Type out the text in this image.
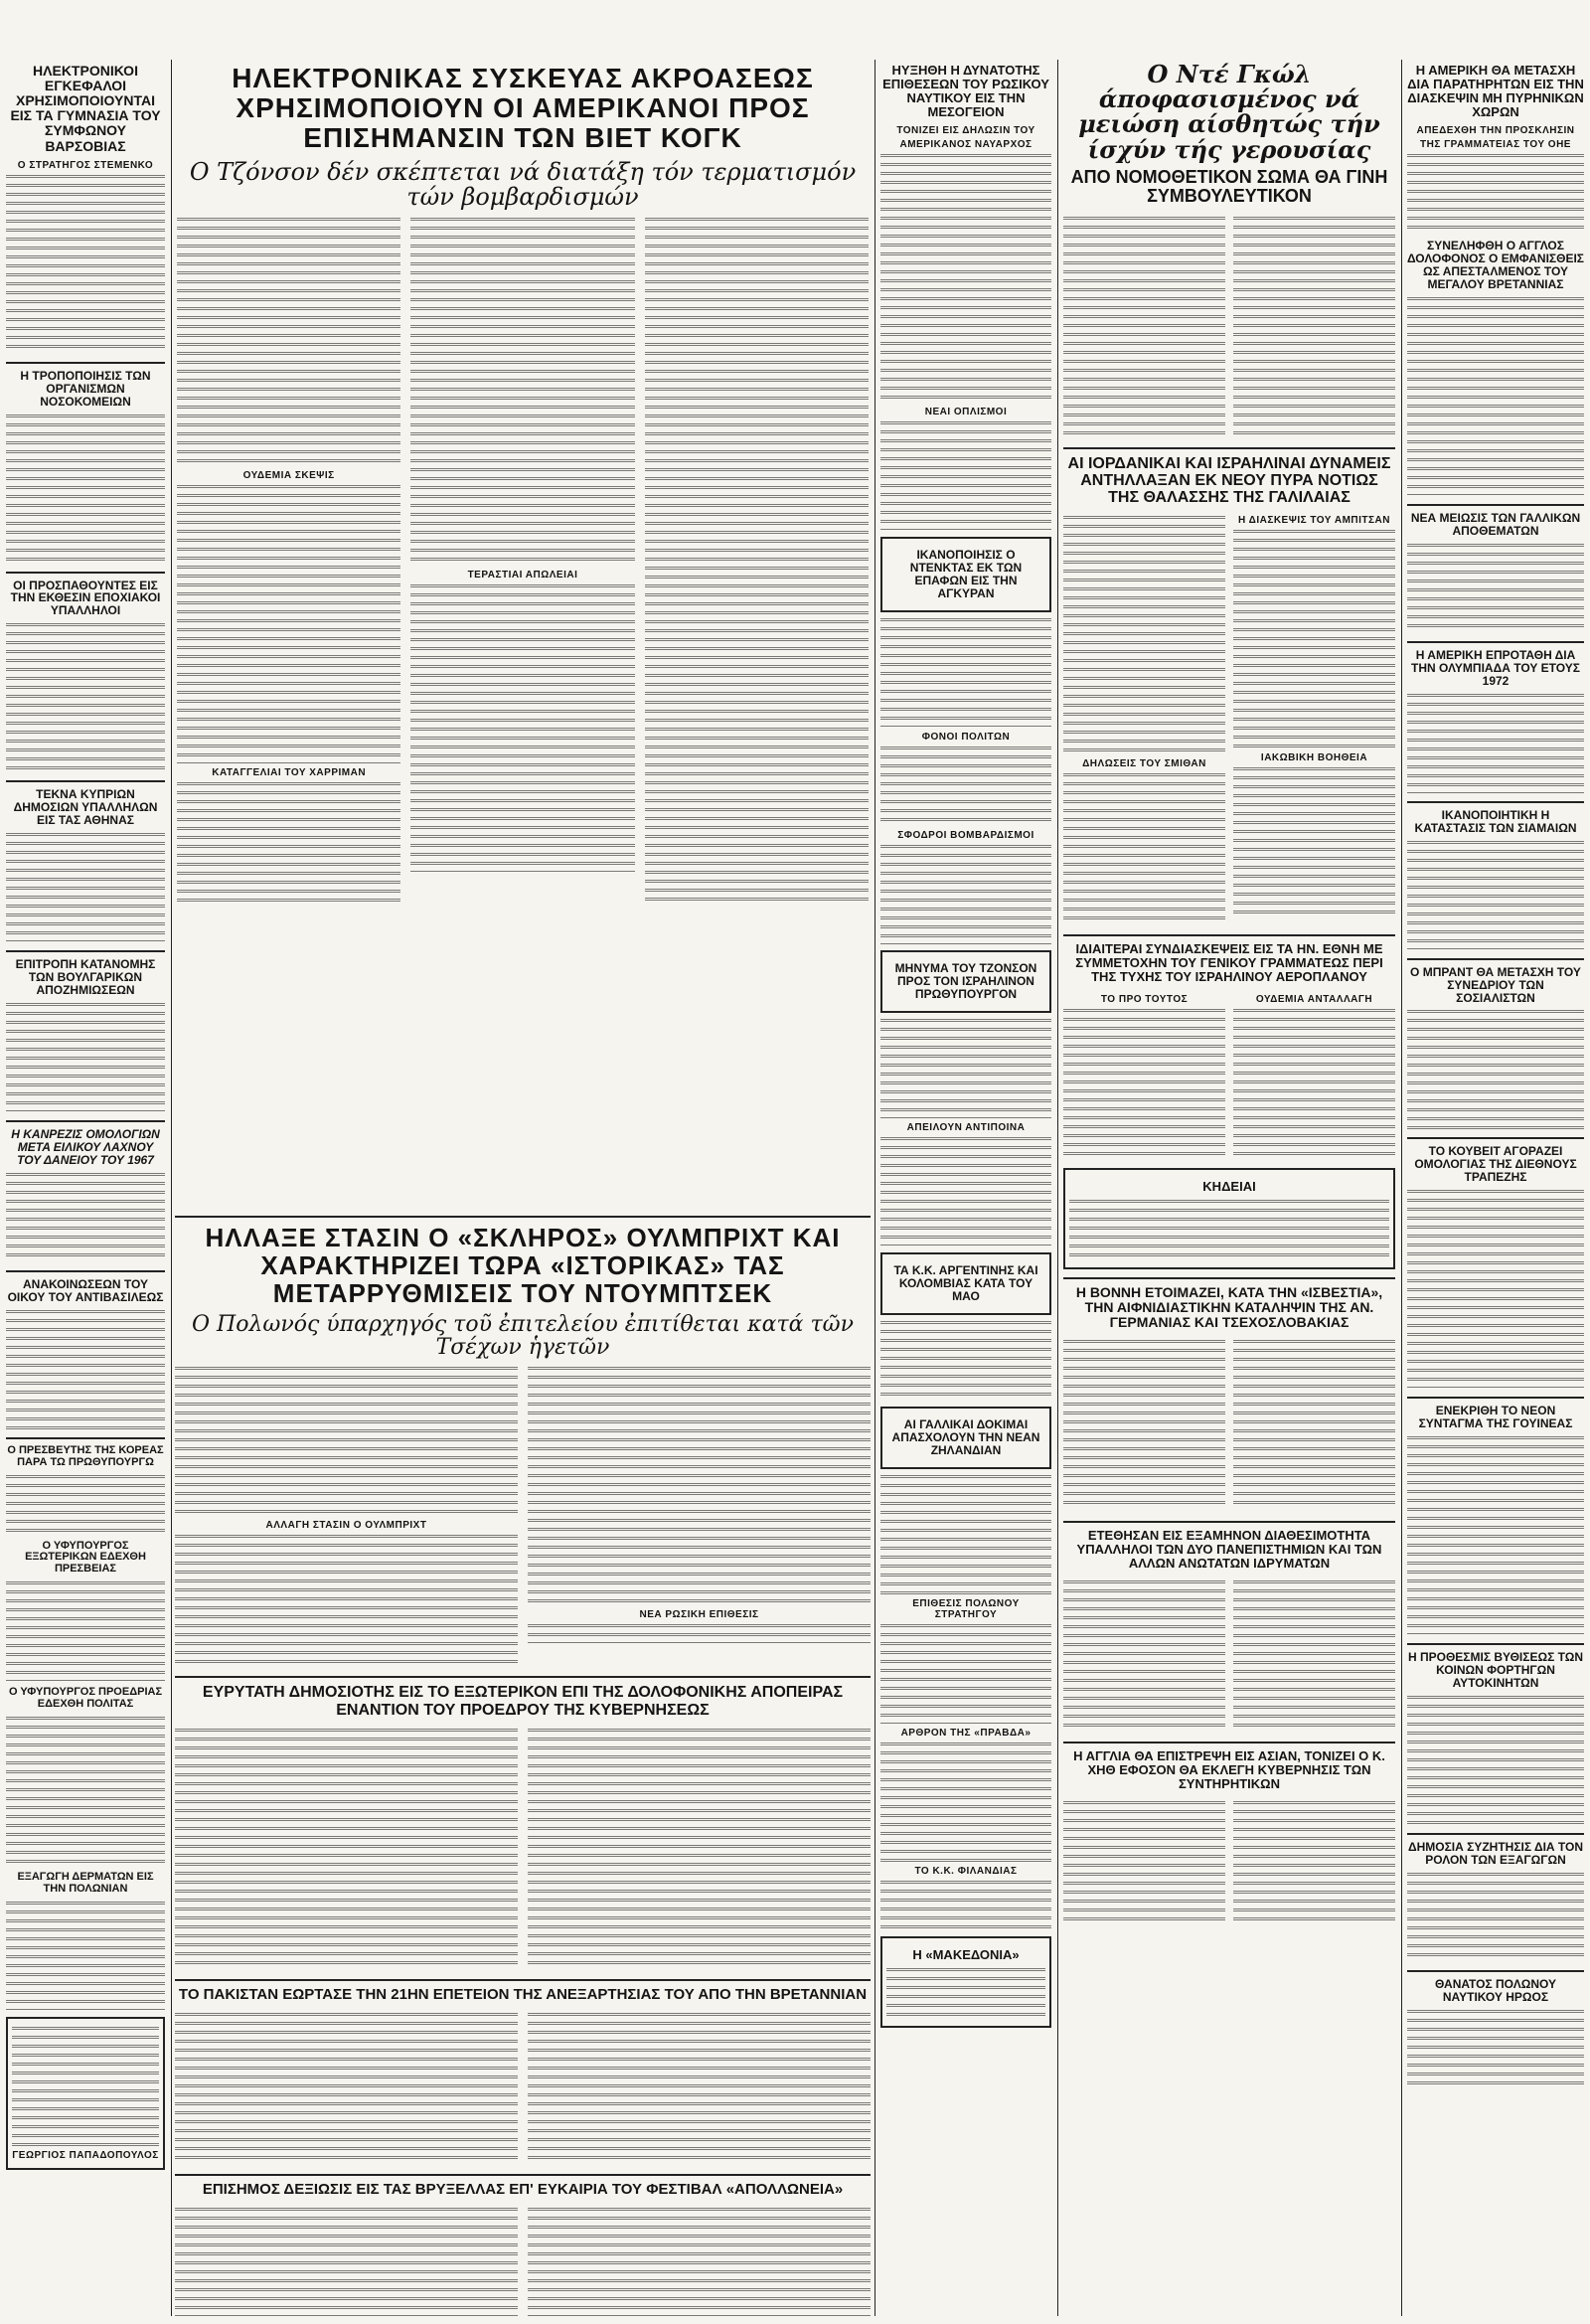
ΗΛΕΚΤΡΟΝΙΚΟΙ ΕΓΚΕΦΑΛΟΙ ΧΡΗΣΙΜΟΠΟΙΟΥΝΤΑΙ ΕΙΣ ΤΑ ΓΥΜΝΑΣΙΑ ΤΟΥ ΣΥΜΦΩΝΟΥ ΒΑΡΣΟΒΙΑΣ
Ο ΣΤΡΑΤΗΓΟΣ ΣΤΕΜΕΝΚΟ
Η ΤΡΟΠΟΠΟΙΗΣΙΣ ΤΩΝ ΟΡΓΑΝΙΣΜΩΝ ΝΟΣΟΚΟΜΕΙΩΝ
ΟΙ ΠΡΟΣΠΑΘΟΥΝΤΕΣ ΕΙΣ ΤΗΝ ΕΚΘΕΣΙΝ ΕΠΟΧΙΑΚΟΙ ΥΠΑΛΛΗΛΟΙ
ΤΕΚΝΑ ΚΥΠΡΙΩΝ ΔΗΜΟΣΙΩΝ ΥΠΑΛΛΗΛΩΝ ΕΙΣ ΤΑΣ ΑΘΗΝΑΣ
ΕΠΙΤΡΟΠΗ ΚΑΤΑΝΟΜΗΣ ΤΩΝ ΒΟΥΛΓΑΡΙΚΩΝ ΑΠΟΖΗΜΙΩΣΕΩΝ
Η ΚΑΝΡΕΖΙΣ ΟΜΟΛΟΓΙΩΝ ΜΕΤΑ ΕΙΛΙΚΟΥ ΛΑΧΝΟΥ ΤΟΥ ΔΑΝΕΙΟΥ ΤΟΥ 1967
ΑΝΑΚΟΙΝΩΣΕΩΝ ΤΟΥ ΟΙΚΟΥ ΤΟΥ ΑΝΤΙΒΑΣΙΛΕΩΣ
Ο ΠΡΕΣΒΕΥΤΗΣ ΤΗΣ ΚΟΡΕΑΣ ΠΑΡΑ ΤΩ ΠΡΩΘΥΠΟΥΡΓΩ
Ο ΥΦΥΠΟΥΡΓΟΣ ΕΞΩΤΕΡΙΚΩΝ ΕΔΕΧΘΗ ΠΡΕΣΒΕΙΑΣ
Ο ΥΦΥΠΟΥΡΓΟΣ ΠΡΟΕΔΡΙΑΣ ΕΔΕΧΘΗ ΠΟΛΙΤΑΣ
ΕΞΑΓΩΓΗ ΔΕΡΜΑΤΩΝ ΕΙΣ ΤΗΝ ΠΟΛΩΝΙΑΝ
ΓΕΩΡΓΙΟΣ ΠΑΠΑΔΟΠΟΥΛΟΣ
ΗΛΕΚΤΡΟΝΙΚΑΣ ΣΥΣΚΕΥΑΣ ΑΚΡΟΑΣΕΩΣ ΧΡΗΣΙΜΟΠΟΙΟΥΝ ΟΙ ΑΜΕΡΙΚΑΝΟΙ ΠΡΟΣ ΕΠΙΣΗΜΑΝΣΙΝ ΤΩΝ ΒΙΕΤ ΚΟΓΚ
Ο Τζόνσον δέν σκέπτεται νά διατάξη τόν τερματισμόν τών βομβαρδισμών
ΟΥΔΕΜΙΑ ΣΚΕΨΙΣ
ΚΑΤΑΓΓΕΛΙΑΙ ΤΟΥ ΧΑΡΡΙΜΑΝ
ΤΕΡΑΣΤΙΑΙ ΑΠΩΛΕΙΑΙ
ΗΛΛΑΞΕ ΣΤΑΣΙΝ Ο «ΣΚΛΗΡΟΣ» ΟΥΛΜΠΡΙΧΤ ΚΑΙ ΧΑΡΑΚΤΗΡΙΖΕΙ ΤΩΡΑ «ΙΣΤΟΡΙΚΑΣ» ΤΑΣ ΜΕΤΑΡΡΥΘΜΙΣΕΙΣ ΤΟΥ ΝΤΟΥΜΠΤΣΕΚ
Ο Πολωνός ύπαρχηγός τοῦ ἐπιτελείου ἐπιτίθεται κατά τῶν Τσέχων ἡγετῶν
ΑΛΛΑΓΗ ΣΤΑΣΙΝ Ο ΟΥΛΜΠΡΙΧΤ
ΝΕΑ ΡΩΣΙΚΗ ΕΠΙΘΕΣΙΣ
ΕΥΡΥΤΑΤΗ ΔΗΜΟΣΙΟΤΗΣ ΕΙΣ ΤΟ ΕΞΩΤΕΡΙΚΟΝ ΕΠΙ ΤΗΣ ΔΟΛΟΦΟΝΙΚΗΣ ΑΠΟΠΕΙΡΑΣ ΕΝΑΝΤΙΟΝ ΤΟΥ ΠΡΟΕΔΡΟΥ ΤΗΣ ΚΥΒΕΡΝΗΣΕΩΣ
ΤΟ ΠΑΚΙΣΤΑΝ ΕΩΡΤΑΣΕ ΤΗΝ 21ΗΝ ΕΠΕΤΕΙΟΝ ΤΗΣ ΑΝΕΞΑΡΤΗΣΙΑΣ ΤΟΥ ΑΠΟ ΤΗΝ ΒΡΕΤΑΝΝΙΑΝ
ΕΠΙΣΗΜΟΣ ΔΕΞΙΩΣΙΣ ΕΙΣ ΤΑΣ ΒΡΥΞΕΛΛΑΣ ΕΠ' ΕΥΚΑΙΡΙΑ ΤΟΥ ΦΕΣΤΙΒΑΛ «ΑΠΟΛΛΩΝΕΙΑ»
ΗΥΞΗΘΗ Η ΔΥΝΑΤΟΤΗΣ ΕΠΙΘΕΣΕΩΝ ΤΟΥ ΡΩΣΙΚΟΥ ΝΑΥΤΙΚΟΥ ΕΙΣ ΤΗΝ ΜΕΣΟΓΕΙΟΝ
ΤΟΝΙΖΕΙ ΕΙΣ ΔΗΛΩΣΙΝ ΤΟΥ
ΑΜΕΡΙΚΑΝΟΣ ΝΑΥΑΡΧΟΣ
ΝΕΑΙ ΟΠΛΙΣΜΟΙ
ΙΚΑΝΟΠΟΙΗΣΙΣ Ο ΝΤΕΝΚΤΑΣ ΕΚ ΤΩΝ ΕΠΑΦΩΝ ΕΙΣ ΤΗΝ ΑΓΚΥΡΑΝ
ΦΟΝΟΙ ΠΟΛΙΤΩΝ
ΣΦΟΔΡΟΙ ΒΟΜΒΑΡΔΙΣΜΟΙ
ΜΗΝΥΜΑ ΤΟΥ ΤΖΟΝΣΟΝ ΠΡΟΣ ΤΟΝ ΙΣΡΑΗΛΙΝΟΝ ΠΡΩΘΥΠΟΥΡΓΟΝ
ΑΠΕΙΛΟΥΝ ΑΝΤΙΠΟΙΝΑ
ΤΑ Κ.Κ. ΑΡΓΕΝΤΙΝΗΣ ΚΑΙ ΚΟΛΟΜΒΙΑΣ ΚΑΤΑ ΤΟΥ ΜΑΟ
ΑΙ ΓΑΛΛΙΚΑΙ ΔΟΚΙΜΑΙ ΑΠΑΣΧΟΛΟΥΝ ΤΗΝ ΝΕΑΝ ΖΗΛΑΝΔΙΑΝ
ΕΠΙΘΕΣΙΣ ΠΟΛΩΝΟΥ ΣΤΡΑΤΗΓΟΥ
ΑΡΘΡΟΝ ΤΗΣ «ΠΡΑΒΔΑ»
ΤΟ Κ.Κ. ΦΙΛΑΝΔΙΑΣ
Η «ΜΑΚΕΔΟΝΙΑ»
Ο Ντέ Γκώλ άποφασισμένος νά μειώση αίσθητώς τήν ίσχύν τής γερουσίας
ΑΠΟ ΝΟΜΟΘΕΤΙΚΟΝ ΣΩΜΑ ΘΑ ΓΙΝΗ ΣΥΜΒΟΥΛΕΥΤΙΚΟΝ
ΑΙ ΙΟΡΔΑΝΙΚΑΙ ΚΑΙ ΙΣΡΑΗΛΙΝΑΙ ΔΥΝΑΜΕΙΣ ΑΝΤΗΛΛΑΞΑΝ ΕΚ ΝΕΟΥ ΠΥΡΑ ΝΟΤΙΩΣ ΤΗΣ ΘΑΛΑΣΣΗΣ ΤΗΣ ΓΑΛΙΛΑΙΑΣ
ΔΗΛΩΣΕΙΣ ΤΟΥ ΣΜΙΘΑΝ
Η ΔΙΑΣΚΕΨΙΣ ΤΟΥ ΑΜΠΙΤΣΑΝ
ΙΑΚΩΒΙΚΗ ΒΟΗΘΕΙΑ
ΙΔΙΑΙΤΕΡΑΙ ΣΥΝΔΙΑΣΚΕΨΕΙΣ ΕΙΣ ΤΑ ΗΝ. ΕΘΝΗ ΜΕ ΣΥΜΜΕΤΟΧΗΝ ΤΟΥ ΓΕΝΙΚΟΥ ΓΡΑΜΜΑΤΕΩΣ ΠΕΡΙ ΤΗΣ ΤΥΧΗΣ ΤΟΥ ΙΣΡΑΗΛΙΝΟΥ ΑΕΡΟΠΛΑΝΟΥ
ΤΟ ΠΡΟ ΤΟΥΤΟΣ	ΟΥΔΕΜΙΑ ΑΝΤΑΛΛΑΓΗ
ΚΗΔΕΙΑΙ
Η ΒΟΝΝΗ ΕΤΟΙΜΑΖΕΙ, ΚΑΤΑ ΤΗΝ «ΙΣΒΕΣΤΙΑ», ΤΗΝ ΑΙΦΝΙΔΙΑΣΤΙΚΗΝ ΚΑΤΑΛΗΨΙΝ ΤΗΣ ΑΝ. ΓΕΡΜΑΝΙΑΣ ΚΑΙ ΤΣΕΧΟΣΛΟΒΑΚΙΑΣ
ΕΤΕΘΗΣΑΝ ΕΙΣ ΕΞΑΜΗΝΟΝ ΔΙΑΘΕΣΙΜΟΤΗΤΑ ΥΠΑΛΛΗΛΟΙ ΤΩΝ ΔΥΟ ΠΑΝΕΠΙΣΤΗΜΙΩΝ ΚΑΙ ΤΩΝ ΑΛΛΩΝ ΑΝΩΤΑΤΩΝ ΙΔΡΥΜΑΤΩΝ
Η ΑΓΓΛΙΑ ΘΑ ΕΠΙΣΤΡΕΨΗ ΕΙΣ ΑΣΙΑΝ, ΤΟΝΙΖΕΙ Ο Κ. ΧΗΘ ΕΦΟΣΟΝ ΘΑ ΕΚΛΕΓΗ ΚΥΒΕΡΝΗΣΙΣ ΤΩΝ ΣΥΝΤΗΡΗΤΙΚΩΝ
Η ΑΜΕΡΙΚΗ ΘΑ ΜΕΤΑΣΧΗ ΔΙΑ ΠΑΡΑΤΗΡΗΤΩΝ ΕΙΣ ΤΗΝ ΔΙΑΣΚΕΨΙΝ ΜΗ ΠΥΡΗΝΙΚΩΝ ΧΩΡΩΝ
ΑΠΕΔΕΧΘΗ ΤΗΝ ΠΡΟΣΚΛΗΣΙΝ
ΤΗΣ ΓΡΑΜΜΑΤΕΙΑΣ ΤΟΥ ΟΗΕ
ΣΥΝΕΛΗΦΘΗ Ο ΑΓΓΛΟΣ ΔΟΛΟΦΟΝΟΣ Ο ΕΜΦΑΝΙΣΘΕΙΣ ΩΣ ΑΠΕΣΤΑΛΜΕΝΟΣ ΤΟΥ ΜΕΓΑΛΟΥ ΒΡΕΤΑΝΝΙΑΣ
ΝΕΑ ΜΕΙΩΣΙΣ ΤΩΝ ΓΑΛΛΙΚΩΝ ΑΠΟΘΕΜΑΤΩΝ
Η ΑΜΕΡΙΚΗ ΕΠΡΟΤΑΘΗ ΔΙΑ ΤΗΝ ΟΛΥΜΠΙΑΔΑ ΤΟΥ ΕΤΟΥΣ 1972
ΙΚΑΝΟΠΟΙΗΤΙΚΗ Η ΚΑΤΑΣΤΑΣΙΣ ΤΩΝ ΣΙΑΜΑΙΩΝ
Ο ΜΠΡΑΝΤ ΘΑ ΜΕΤΑΣΧΗ ΤΟΥ ΣΥΝΕΔΡΙΟΥ ΤΩΝ ΣΟΣΙΑΛΙΣΤΩΝ
ΤΟ ΚΟΥΒΕΙΤ ΑΓΟΡΑΖΕΙ ΟΜΟΛΟΓΙΑΣ ΤΗΣ ΔΙΕΘΝΟΥΣ ΤΡΑΠΕΖΗΣ
ΕΝΕΚΡΙΘΗ ΤΟ ΝΕΟΝ ΣΥΝΤΑΓΜΑ ΤΗΣ ΓΟΥΙΝΕΑΣ
Η ΠΡΟΘΕΣΜΙΣ ΒΥΘΙΣΕΩΣ ΤΩΝ ΚΟΙΝΩΝ ΦΟΡΤΗΓΩΝ ΑΥΤΟΚΙΝΗΤΩΝ
ΔΗΜΟΣΙΑ ΣΥΖΗΤΗΣΙΣ ΔΙΑ ΤΟΝ ΡΟΛΟΝ ΤΩΝ ΕΞΑΓΩΓΩΝ
ΘΑΝΑΤΟΣ ΠΟΛΩΝΟΥ ΝΑΥΤΙΚΟΥ ΗΡΩΟΣ
